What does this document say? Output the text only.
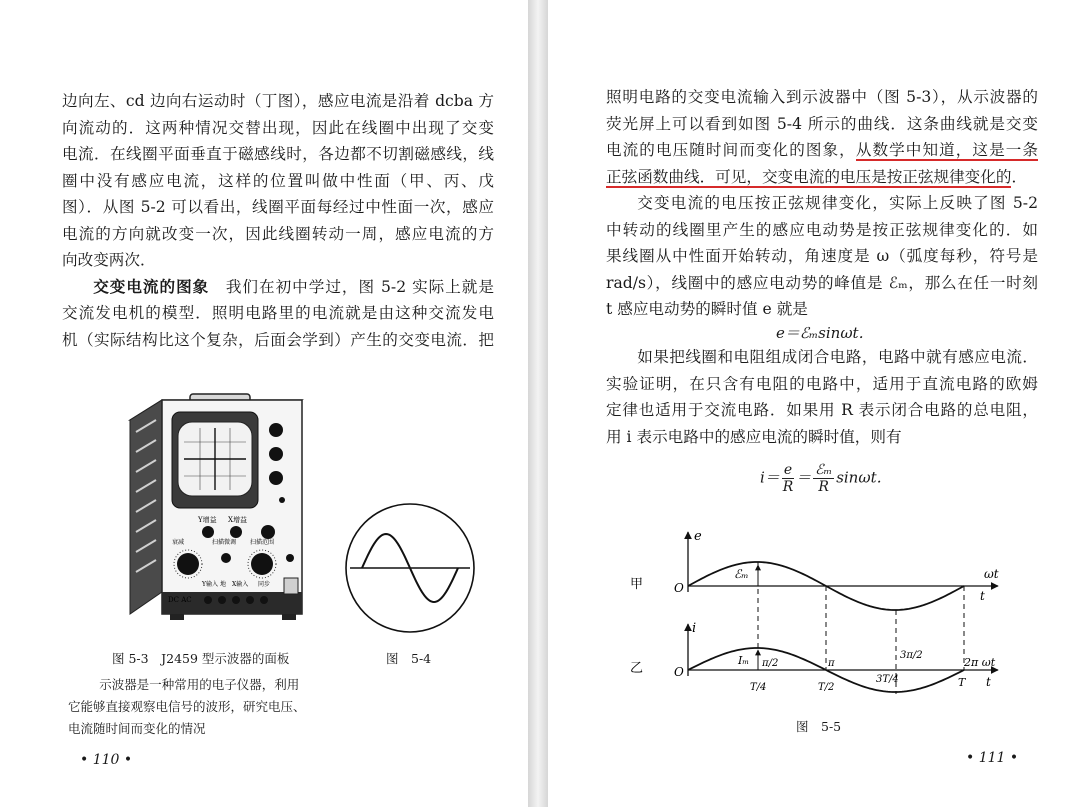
边向左、cd 边向右运动时（丁图），感应电流是沿着 dcba 方

向流动的．这两种情况交替出现，因此在线圈中出现了交变

电流．在线圈平面垂直于磁感线时，各边都不切割磁感线，线

圈中没有感应电流，这样的位置叫做中性面（甲、丙、戊

图）．从图 5-2 可以看出，线圈平面每经过中性面一次，感应

电流的方向就改变一次，因此线圈转动一周，感应电流的方

向改变两次．

交变电流的图象　 我们在初中学过，图 5-2 实际上就是

交流发电机的模型．照明电路里的电流就是由这种交流发电

机（实际结构比这个复杂，后面会学到）产生的交变电流．把

Y增益 X增益
衰减	扫描微调 扫描范围
Y输入 地 X输入 同步
DC AC
图 5-3　J2459 型示波器的面板	图　5-4

示波器是一种常用的电子仪器，利用

它能够直接观察电信号的波形，研究电压、

电流随时间而变化的情况

• 110 •

照明电路的交变电流输入到示波器中（图 5-3），从示波器的

荧光屏上可以看到如图 5-4 所示的曲线．这条曲线就是交变

电流的电压随时间而变化的图象，从数学中知道，这是一条

正弦函数曲线．可见，交变电流的电压是按正弦规律变化的．

交变电流的电压按正弦规律变化，实际上反映了图 5-2

中转动的线圈里产生的感应电动势是按正弦规律变化的．如

果线圈从中性面开始转动，角速度是 ω（弧度每秒，符号是

rad/s），线圈中的感应电动势的峰值是 ℰₘ，那么在任一时刻

t 感应电动势的瞬时值 e 就是

e＝ℰₘsinωt．

如果把线圈和电阻组成闭合电路，电路中就有感应电流．

实验证明，在只含有电阻的电路中，适用于直流电路的欧姆

定律也适用于交流电路．如果用 R 表示闭合电路的总电阻，

用 i 表示电路中的感应电流的瞬时值，则有

$i= \frac{e}{R} = \frac{\text{ℰₘ}}{R}$ sinωt．
甲
乙
e
i
O
O
ωt
t
2π ωt
t
ℰₘ
Iₘ π/2	π
3π/2
T/4	T/2
3T/4	T
图　5-5
• 111 •
